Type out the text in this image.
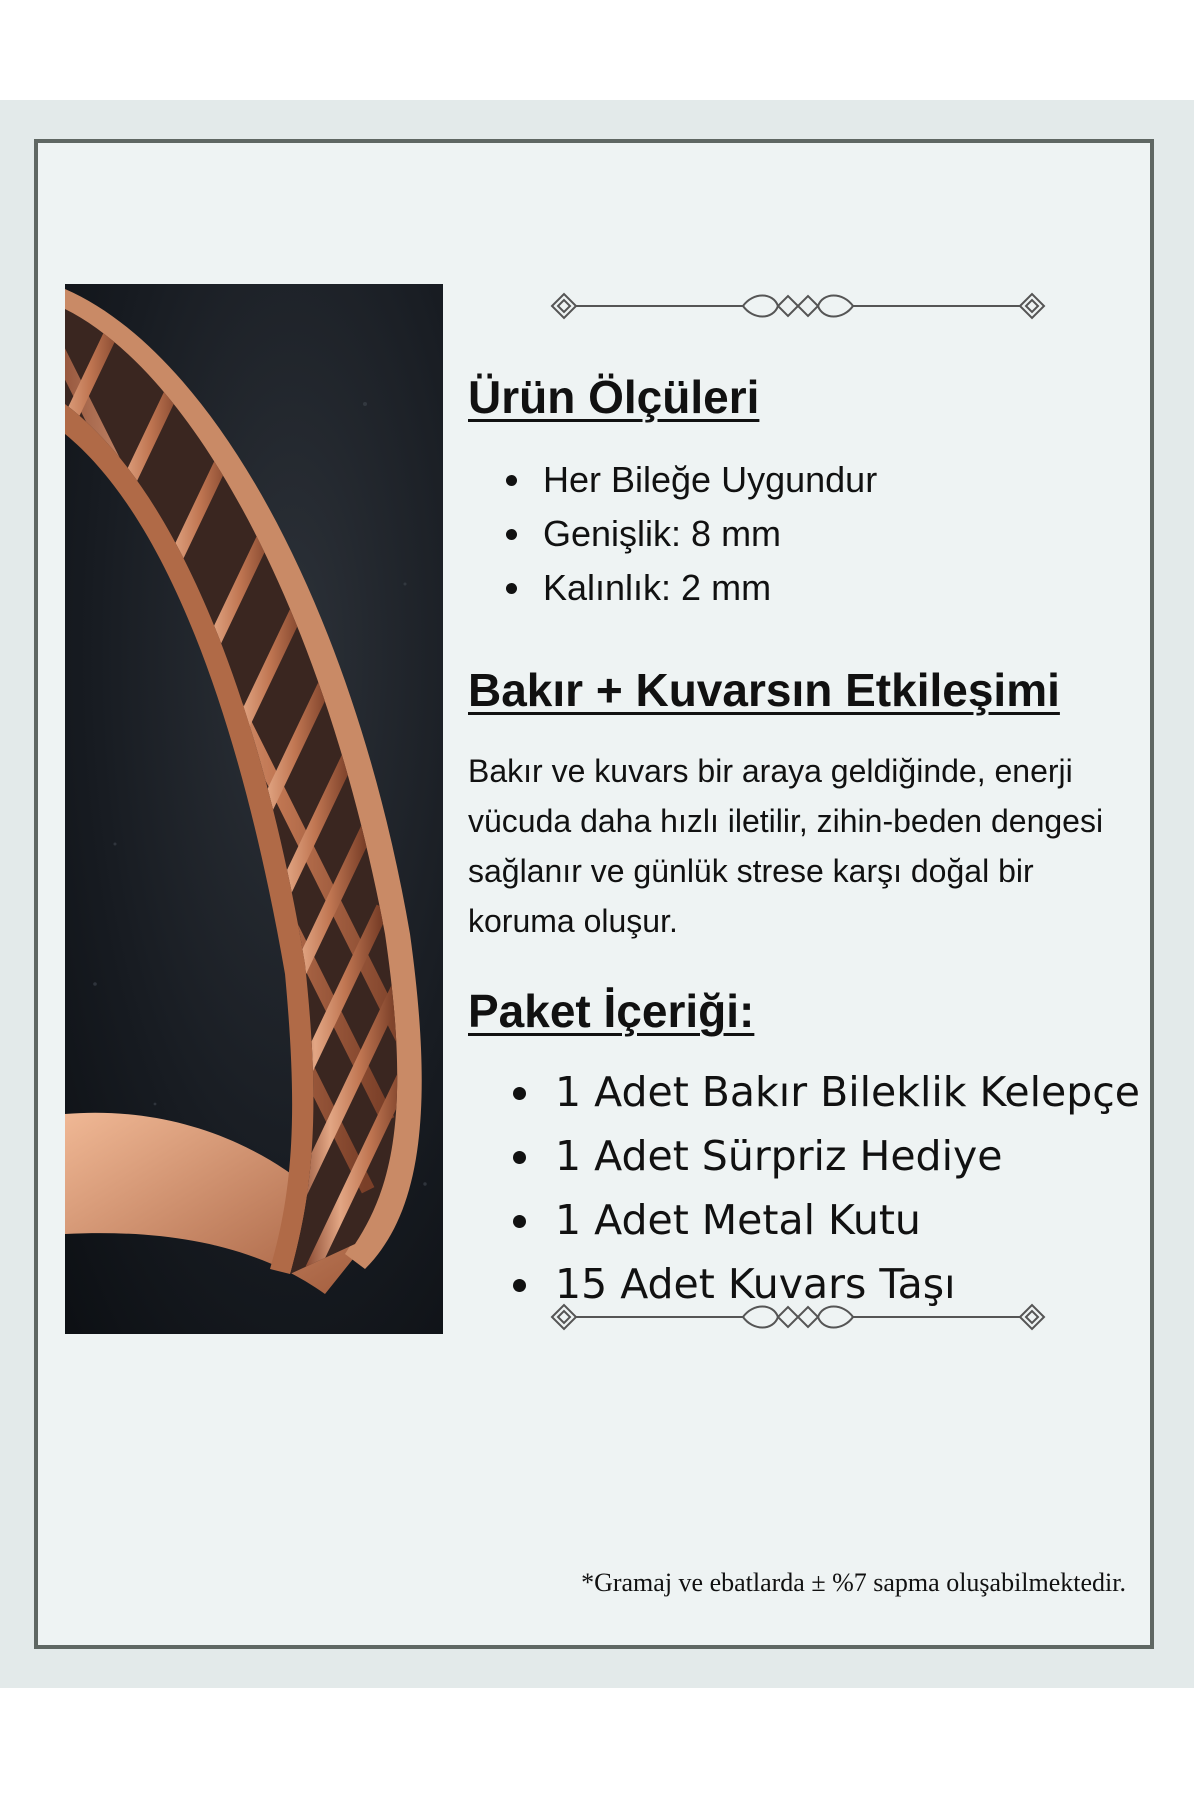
Ürün Ölçüleri
• Her Bileğe Uygundur
• Genişlik: 8 mm
• Kalınlık: 2 mm
Bakır + Kuvarsın Etkileşimi

Bakır ve kuvars bir araya geldiğinde, enerji vücuda daha hızlı iletilir, zihin-beden dengesi sağlanır ve günlük strese karşı doğal bir koruma oluşur.

Paket İçeriği:
• 1 Adet Bakır Bileklik Kelepçe
• 1 Adet Sürpriz Hediye
• 1 Adet Metal Kutu
• 15 Adet Kuvars Taşı
*Gramaj ve ebatlarda ± %7 sapma oluşabilmektedir.
